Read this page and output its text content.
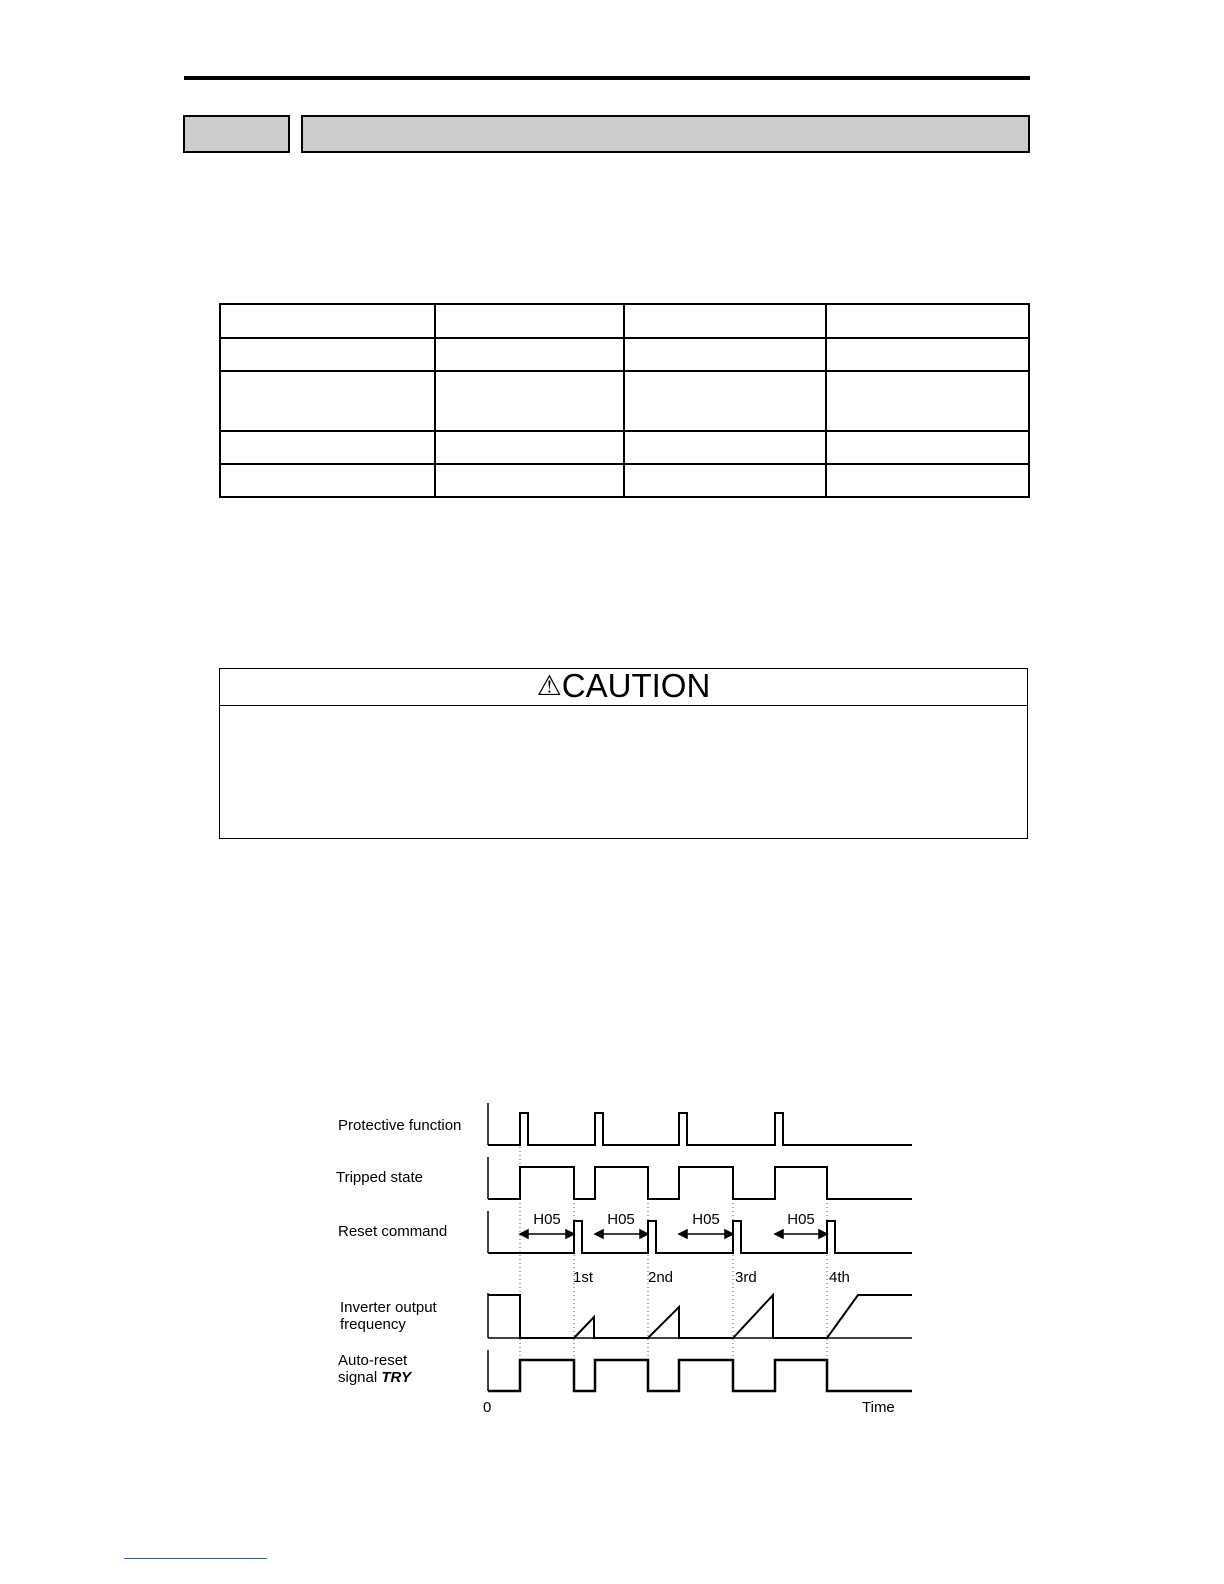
⚠CAUTION
Protective function
Tripped state
Reset command
Inverter output
frequency
Auto-reset
signal TRY
H05	H05	H05	H05
1st	2nd	3rd	4th
0	Time
